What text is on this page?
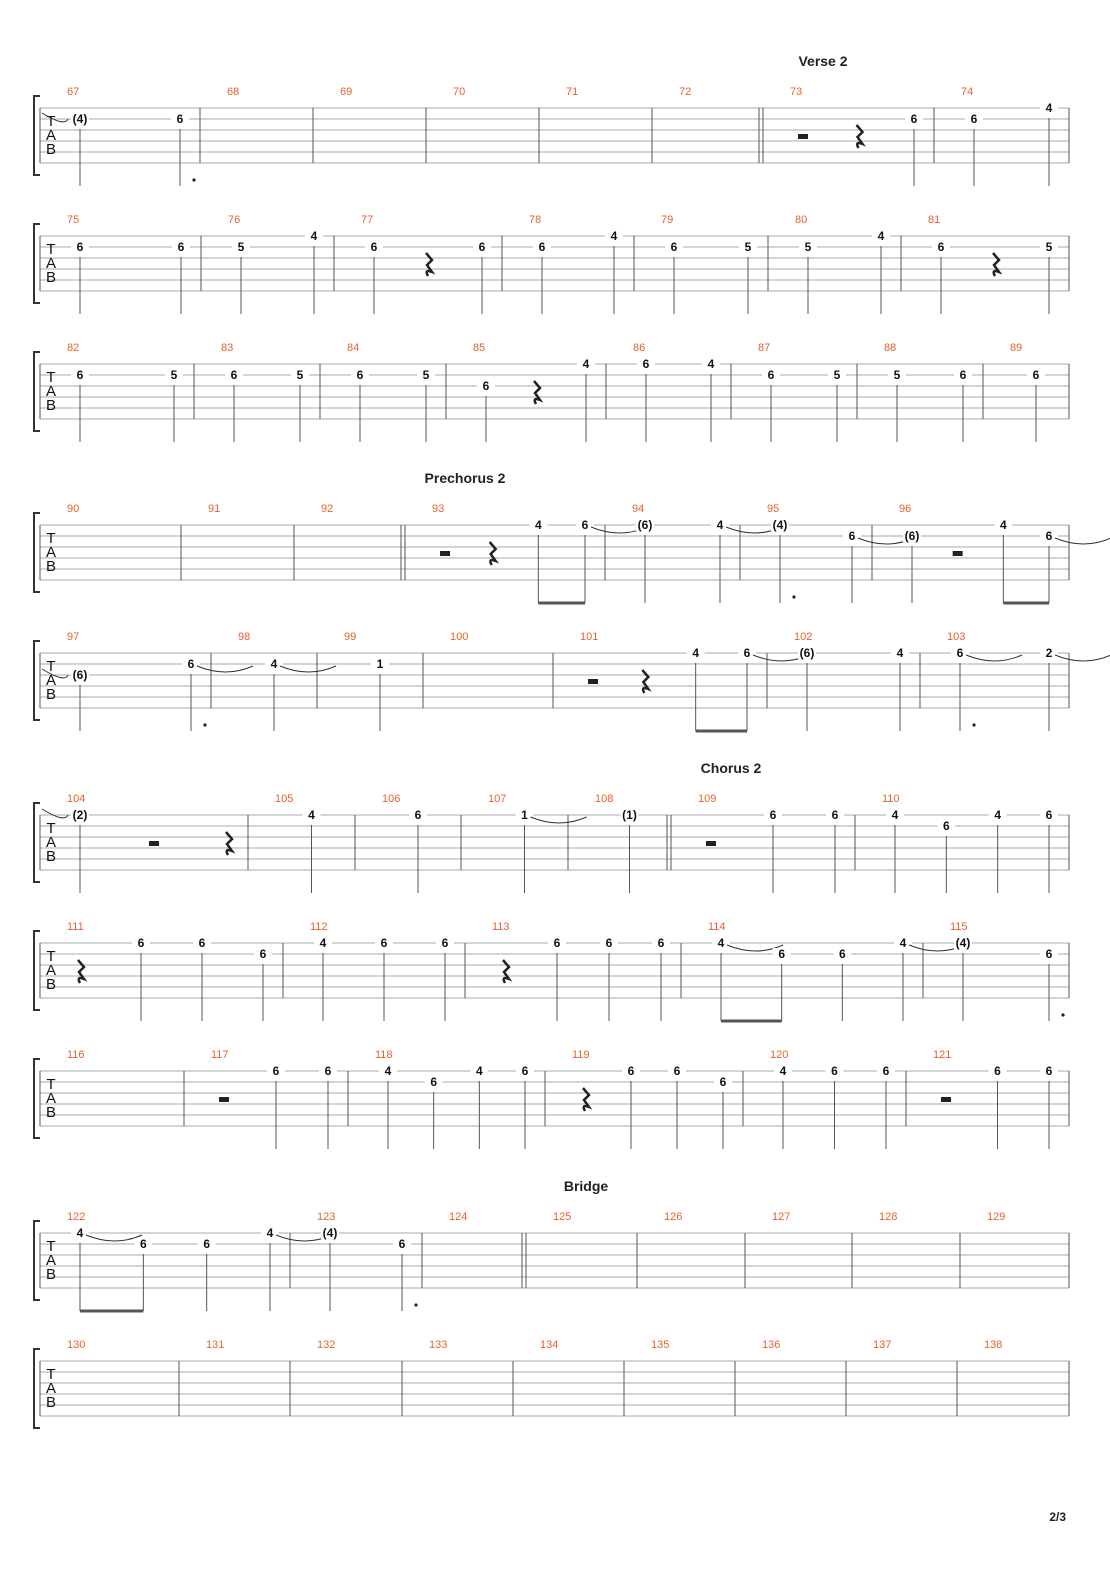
T
A
B
67
(4)	6
68	69	70	71	72	73
Verse 2
6
74
6
4
T
A
B
75
6	6
76
5
4
77
6	6
78
6
4
79
6	5
80
5
4
81
6	5
T
A
B
82
6	5
83
6	5
84
6	5
85
6
4
86
6	4
87
6	5
88
5	6
89
6
T
A
B
90	91	92	93
Prechorus 2
4	6
94
(6)	4
95
(4)
6
96
(6)
4
6
T
A
B
97
(6)
6
98
4
99
1
100	101
4	6
102
(6)	4
103
6	2
T
A
B
104
(2)
105
4
106
6
107
1
108
(1)
109
Chorus 2
6	6
110
4
6
4	6
T
A
B
111
6	6
6
112
4	6	6
113
6	6	6
114
4
6	6
4
115
(4)
6
T
A
B
116	117
6	6
118
4
6
4	6
119
6	6
6
120
4	6	6
121
6	6
T
A
B
122
4
6	6
4
123
(4)
6
124	125
Bridge
126	127	128	129
T
A
B
130	131	132	133	134	135	136	137	138
2/3
